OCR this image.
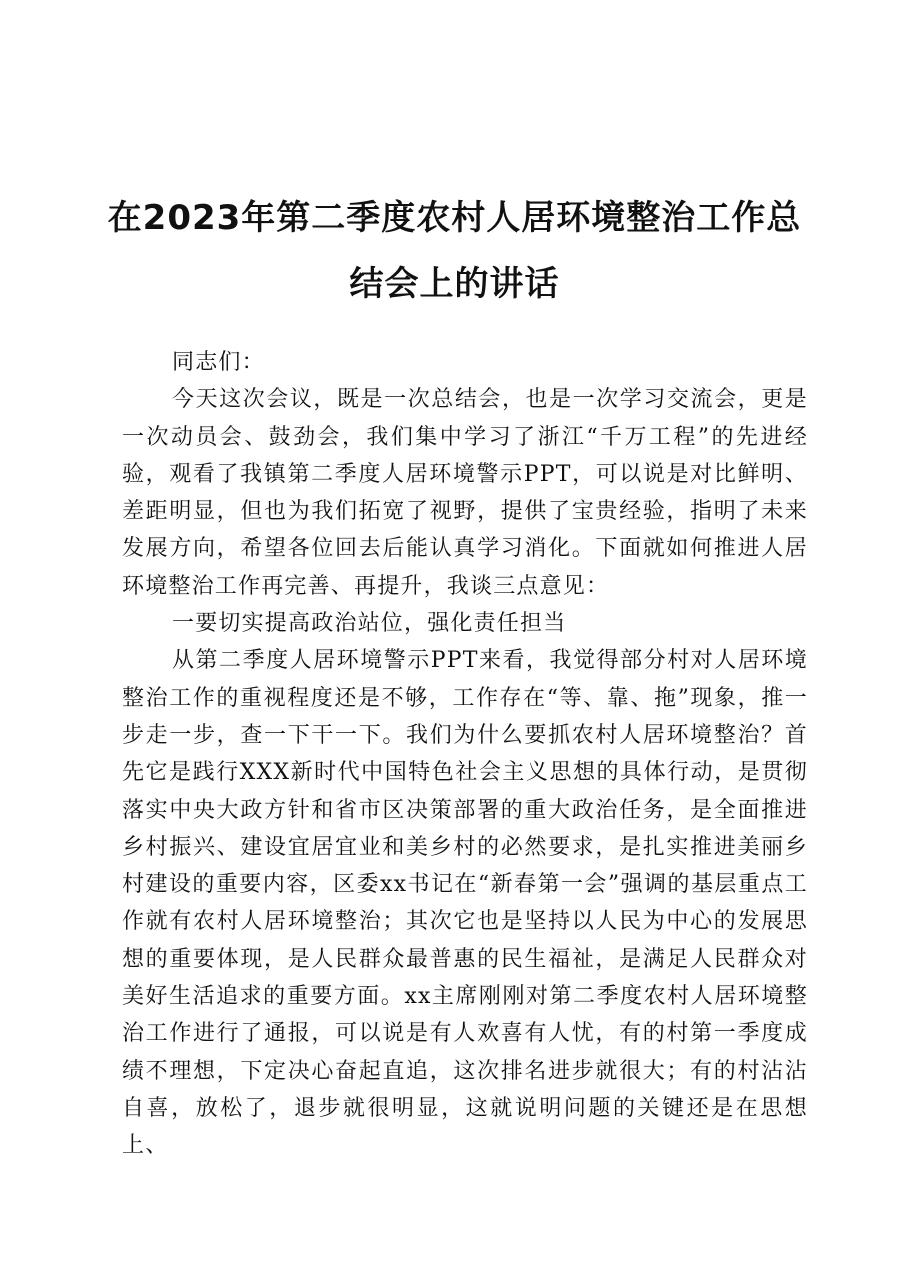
在2023年第二季度农村人居环境整治工作总
结会上的讲话

同志们：

今天这次会议，既是一次总结会，也是一次学习交流会，更是一次动员会、鼓劲会，我们集中学习了浙江“千万工程”的先进经验，观看了我镇第二季度人居环境警示PPT，可以说是对比鲜明、差距明显，但也为我们拓宽了视野，提供了宝贵经验，指明了未来发展方向，希望各位回去后能认真学习消化。下面就如何推进人居环境整治工作再完善、再提升，我谈三点意见：

一要切实提高政治站位，强化责任担当

从第二季度人居环境警示PPT来看，我觉得部分村对人居环境整治工作的重视程度还是不够，工作存在“等、靠、拖”现象，推一步走一步，查一下干一下。我们为什么要抓农村人居环境整治？首先它是践行XXX新时代中国特色社会主义思想的具体行动，是贯彻落实中央大政方针和省市区决策部署的重大政治任务，是全面推进乡村振兴、建设宜居宜业和美乡村的必然要求，是扎实推进美丽乡村建设的重要内容，区委xx书记在“新春第一会”强调的基层重点工作就有农村人居环境整治；其次它也是坚持以人民为中心的发展思想的重要体现，是人民群众最普惠的民生福祉，是满足人民群众对美好生活追求的重要方面。xx主席刚刚对第二季度农村人居环境整治工作进行了通报，可以说是有人欢喜有人忧，有的村第一季度成绩不理想，下定决心奋起直追，这次排名进步就很大；有的村沾沾自喜，放松了，退步就很明显，这就说明问题的关键还是在思想上、
